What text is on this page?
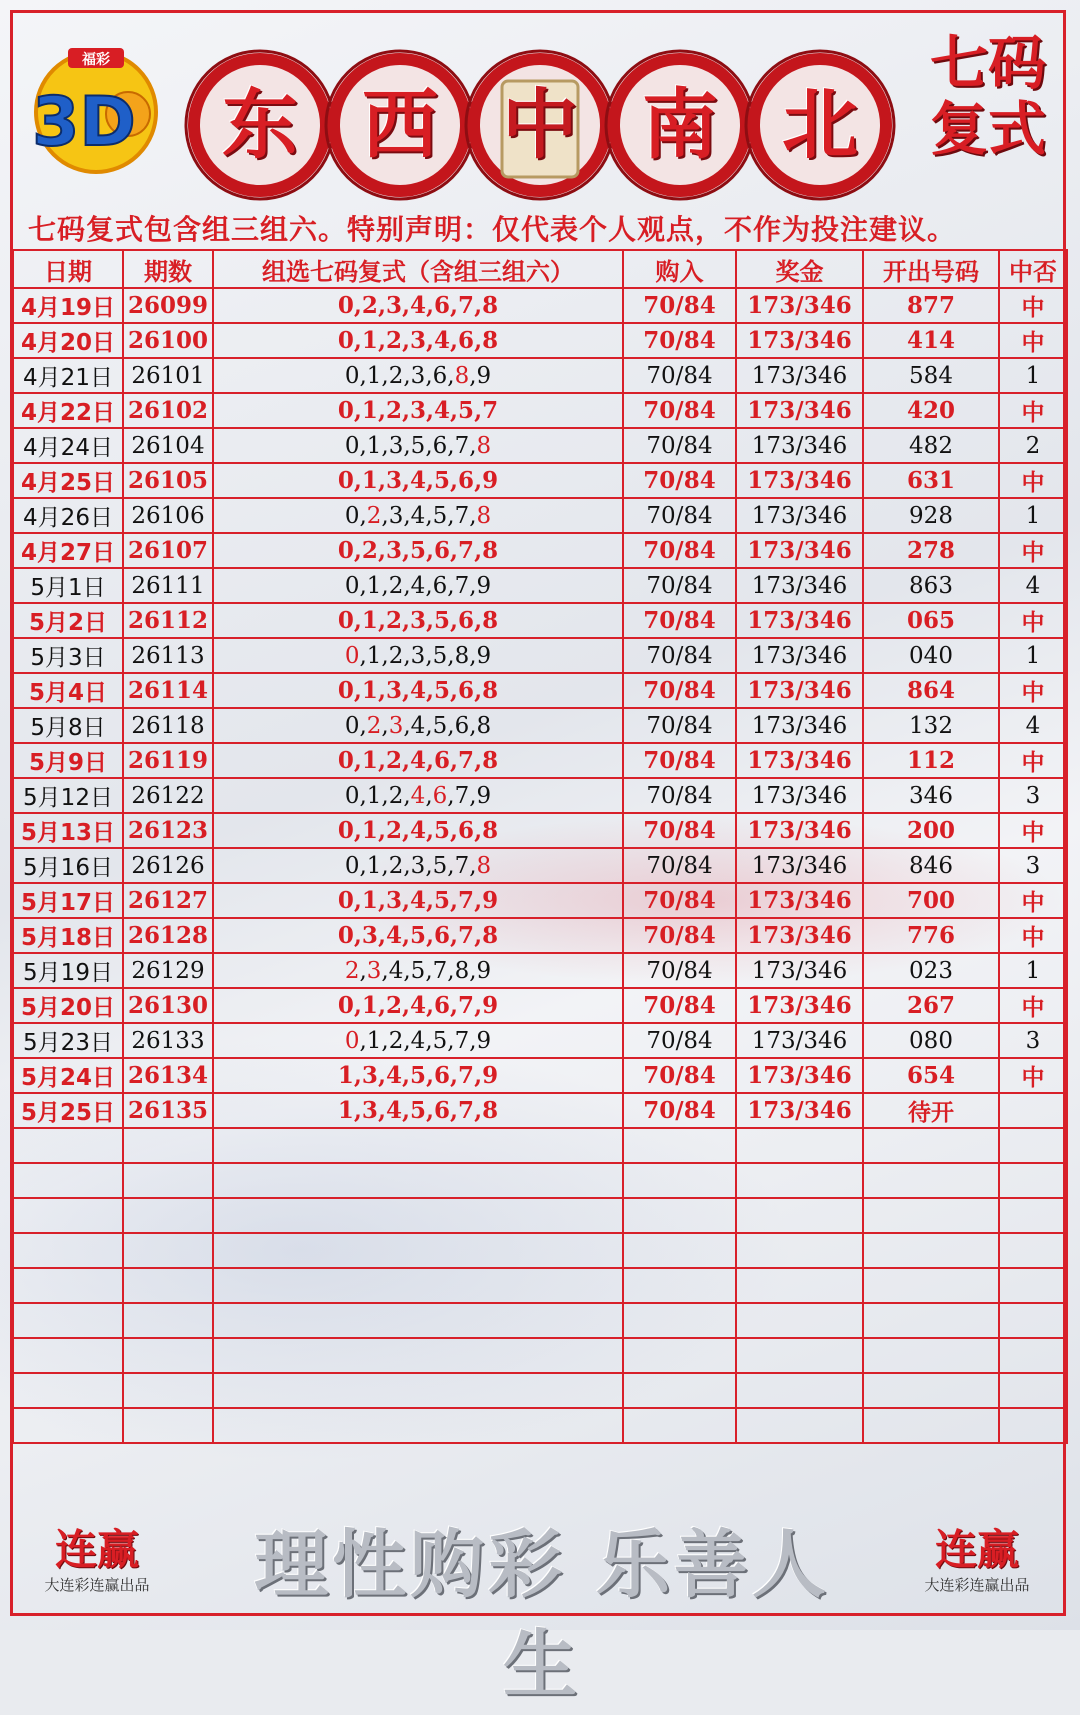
福彩
3D	东 西 中 南 北
七码
复式
七码复式包含组三组六。特别声明：仅代表个人观点，不作为投注建议。
日期	期数	组选七码复式（含组三组六）	购入	奖金	开出号码	中否
4月19日	26099	0,2,3,4,6,7,8	70/84	173/346	877	中
4月20日	26100	0,1,2,3,4,6,8	70/84	173/346	414	中
4月21日	26101	0,1,2,3,6,8,9	70/84	173/346	584	1
4月22日	26102	0,1,2,3,4,5,7	70/84	173/346	420	中
4月24日	26104	0,1,3,5,6,7,8	70/84	173/346	482	2
4月25日	26105	0,1,3,4,5,6,9	70/84	173/346	631	中
4月26日	26106	0,2,3,4,5,7,8	70/84	173/346	928	1
4月27日	26107	0,2,3,5,6,7,8	70/84	173/346	278	中
5月1日	26111	0,1,2,4,6,7,9	70/84	173/346	863	4
5月2日	26112	0,1,2,3,5,6,8	70/84	173/346	065	中
5月3日	26113	0,1,2,3,5,8,9	70/84	173/346	040	1
5月4日	26114	0,1,3,4,5,6,8	70/84	173/346	864	中
5月8日	26118	0,2,3,4,5,6,8	70/84	173/346	132	4
5月9日	26119	0,1,2,4,6,7,8	70/84	173/346	112	中
5月12日	26122	0,1,2,4,6,7,9	70/84	173/346	346	3
5月13日	26123	0,1,2,4,5,6,8	70/84	173/346	200	中
5月16日	26126	0,1,2,3,5,7,8	70/84	173/346	846	3
5月17日	26127	0,1,3,4,5,7,9	70/84	173/346	700	中
5月18日	26128	0,3,4,5,6,7,8	70/84	173/346	776	中
5月19日	26129	2,3,4,5,7,8,9	70/84	173/346	023	1
5月20日	26130	0,1,2,4,6,7,9	70/84	173/346	267	中
5月23日	26133	0,1,2,4,5,7,9	70/84	173/346	080	3
5月24日	26134	1,3,4,5,6,7,9	70/84	173/346	654	中
5月25日	26135	1,3,4,5,6,7,8	70/84	173/346	待开	

连赢
大连彩连赢出品	理性购彩 乐善人生
连赢
大连彩连赢出品
